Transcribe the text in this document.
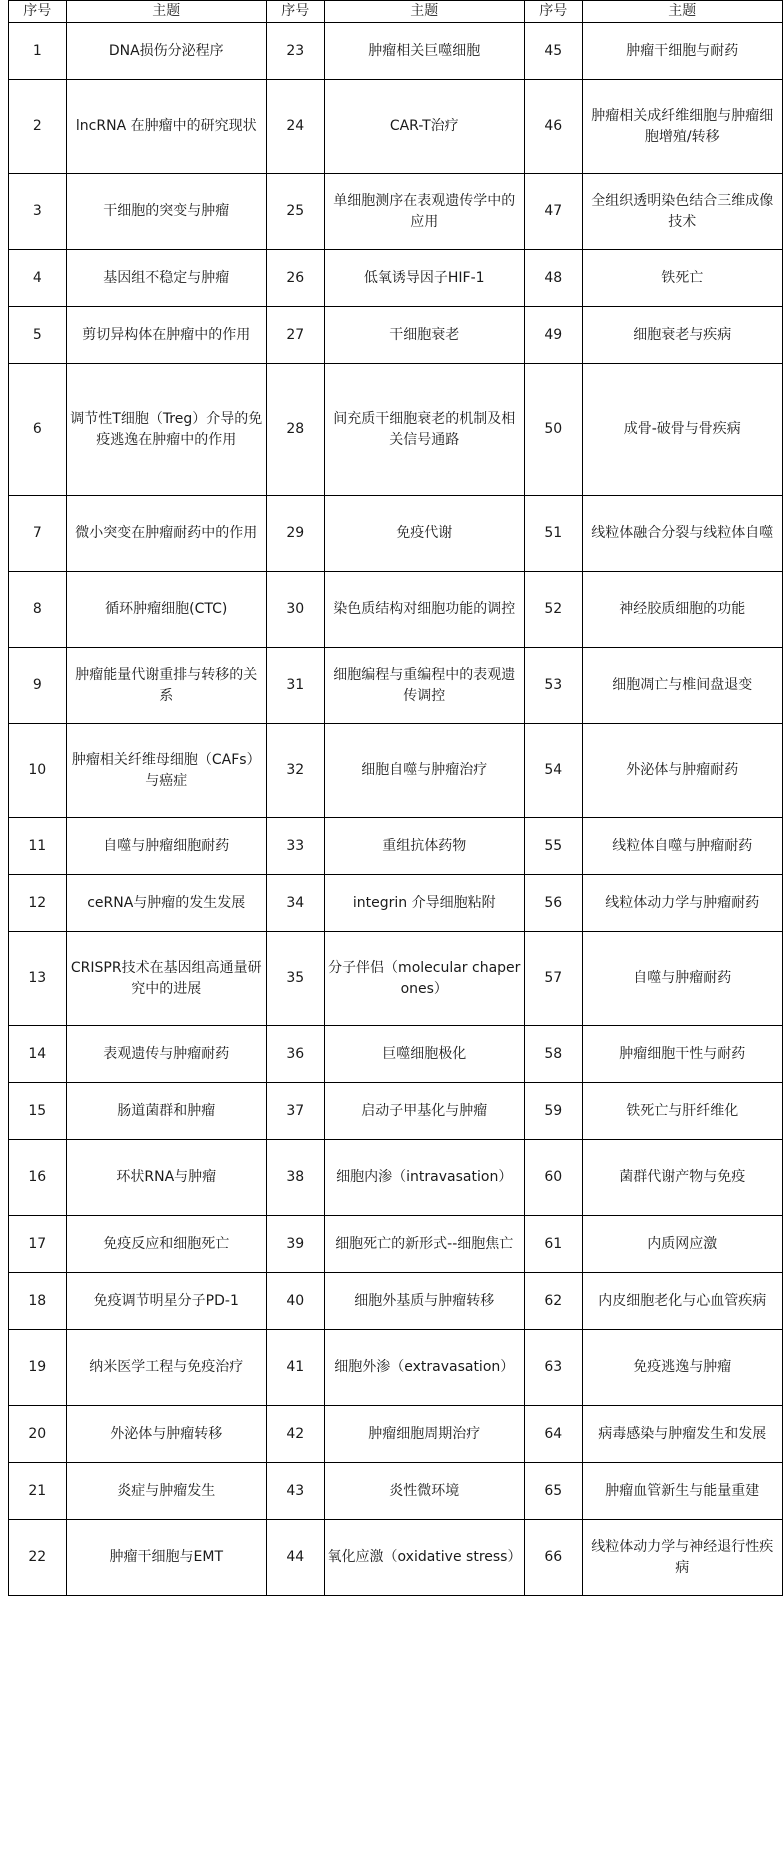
序号	主题	序号	主题	序号	主题
1	DNA损伤分泌程序	23	肿瘤相关巨噬细胞	45	肿瘤干细胞与耐药
2	lncRNA 在肿瘤中的研究现状	24	CAR-T治疗	46	肿瘤相关成纤维细胞与肿瘤细胞增殖/转移
3	干细胞的突变与肿瘤	25	单细胞测序在表观遗传学中的应用	47	全组织透明染色结合三维成像技术
4	基因组不稳定与肿瘤	26	低氧诱导因子HIF-1	48	铁死亡
5	剪切异构体在肿瘤中的作用	27	干细胞衰老	49	细胞衰老与疾病
6	调节性T细胞（Treg）介导的免疫逃逸在肿瘤中的作用	28	间充质干细胞衰老的机制及相关信号通路	50	成骨-破骨与骨疾病
7	微小突变在肿瘤耐药中的作用	29	免疫代谢	51	线粒体融合分裂与线粒体自噬
8	循环肿瘤细胞(CTC)	30	染色质结构对细胞功能的调控	52	神经胶质细胞的功能
9	肿瘤能量代谢重排与转移的关系	31	细胞编程与重编程中的表观遗传调控	53	细胞凋亡与椎间盘退变
10	肿瘤相关纤维母细胞（CAFs）与癌症	32	细胞自噬与肿瘤治疗	54	外泌体与肿瘤耐药
11	自噬与肿瘤细胞耐药	33	重组抗体药物	55	线粒体自噬与肿瘤耐药
12	ceRNA与肿瘤的发生发展	34	integrin 介导细胞粘附	56	线粒体动力学与肿瘤耐药
13	CRISPR技术在基因组高通量研究中的进展	35	分子伴侣（molecular chaperones）	57	自噬与肿瘤耐药
14	表观遗传与肿瘤耐药	36	巨噬细胞极化	58	肿瘤细胞干性与耐药
15	肠道菌群和肿瘤	37	启动子甲基化与肿瘤	59	铁死亡与肝纤维化
16	环状RNA与肿瘤	38	细胞内渗（intravasation）	60	菌群代谢产物与免疫
17	免疫反应和细胞死亡	39	细胞死亡的新形式--细胞焦亡	61	内质网应激
18	免疫调节明星分子PD-1	40	细胞外基质与肿瘤转移	62	内皮细胞老化与心血管疾病
19	纳米医学工程与免疫治疗	41	细胞外渗（extravasation）	63	免疫逃逸与肿瘤
20	外泌体与肿瘤转移	42	肿瘤细胞周期治疗	64	病毒感染与肿瘤发生和发展
21	炎症与肿瘤发生	43	炎性微环境	65	肿瘤血管新生与能量重建
22	肿瘤干细胞与EMT	44	氧化应激（oxidative stress）	66	线粒体动力学与神经退行性疾病
